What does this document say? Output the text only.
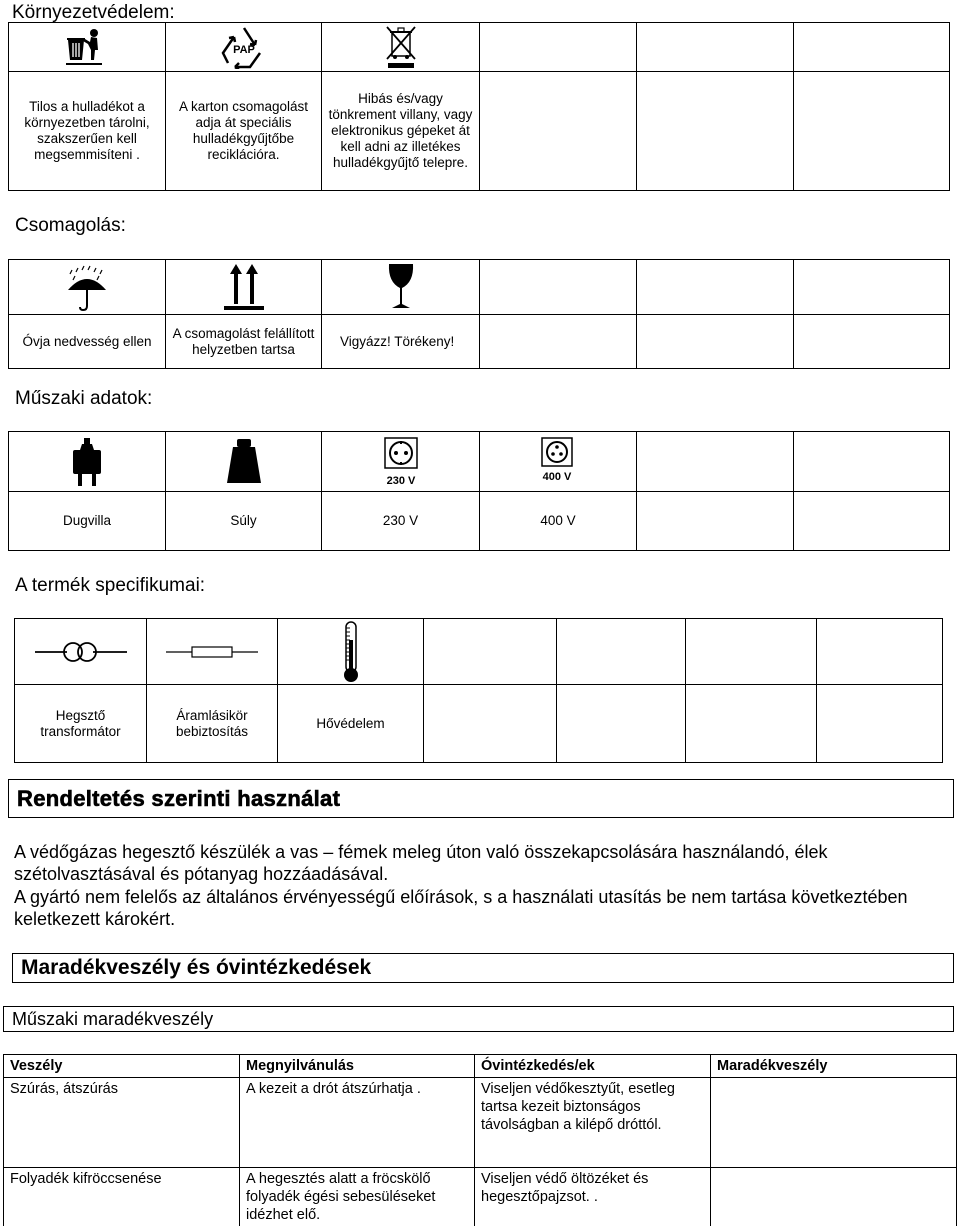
Környezetvédelem:

PAP

Tilos a hulladékot a környezetben tárolni, szakszerűen kell megsemmisíteni .	A karton csomagolást adja át speciális hulladékgyűjtőbe reciklációra.	Hibás és/vagy tönkrement villany, vagy elektronikus gépeket át kell adni az illetékes hulladékgyűjtő telepre.			
Csomagolás:

Óvja nedvesség ellen	A csomagolást felállított helyzetben tartsa	Vigyázz! Törékeny!			
Műszaki adatok:

230 V	400 V		

Dugvilla	Súly	230 V	400 V		
A termék specifikumai:

Hegsztő transformátor	Áramlásikör bebiztosítás	Hővédelem				
Rendeltetés szerinti használat
A védőgázas hegesztő készülék a vas – fémek meleg úton való összekapcsolására használandó, élek szétolvasztásával és pótanyag hozzáadásával.
A gyártó nem felelős az általános érvényességű előírások, s a használati utasítás be nem tartása következtében keletkezett károkért.
Maradékveszély és óvintézkedések
Műszaki maradékveszély
Veszély	Megnyilvánulás	Óvintézkedés/ek	Maradékveszély
Szúrás, átszúrás	A kezeit a drót átszúrhatja .	Viseljen védőkesztyűt, esetleg tartsa kezeit biztonságos távolságban a kilépő dróttól.	
Folyadék kifröccsenése	A hegesztés alatt a fröcskölő folyadék égési sebesüléseket idézhet elő.	Viseljen védő öltözéket és hegesztőpajzsot. .	
